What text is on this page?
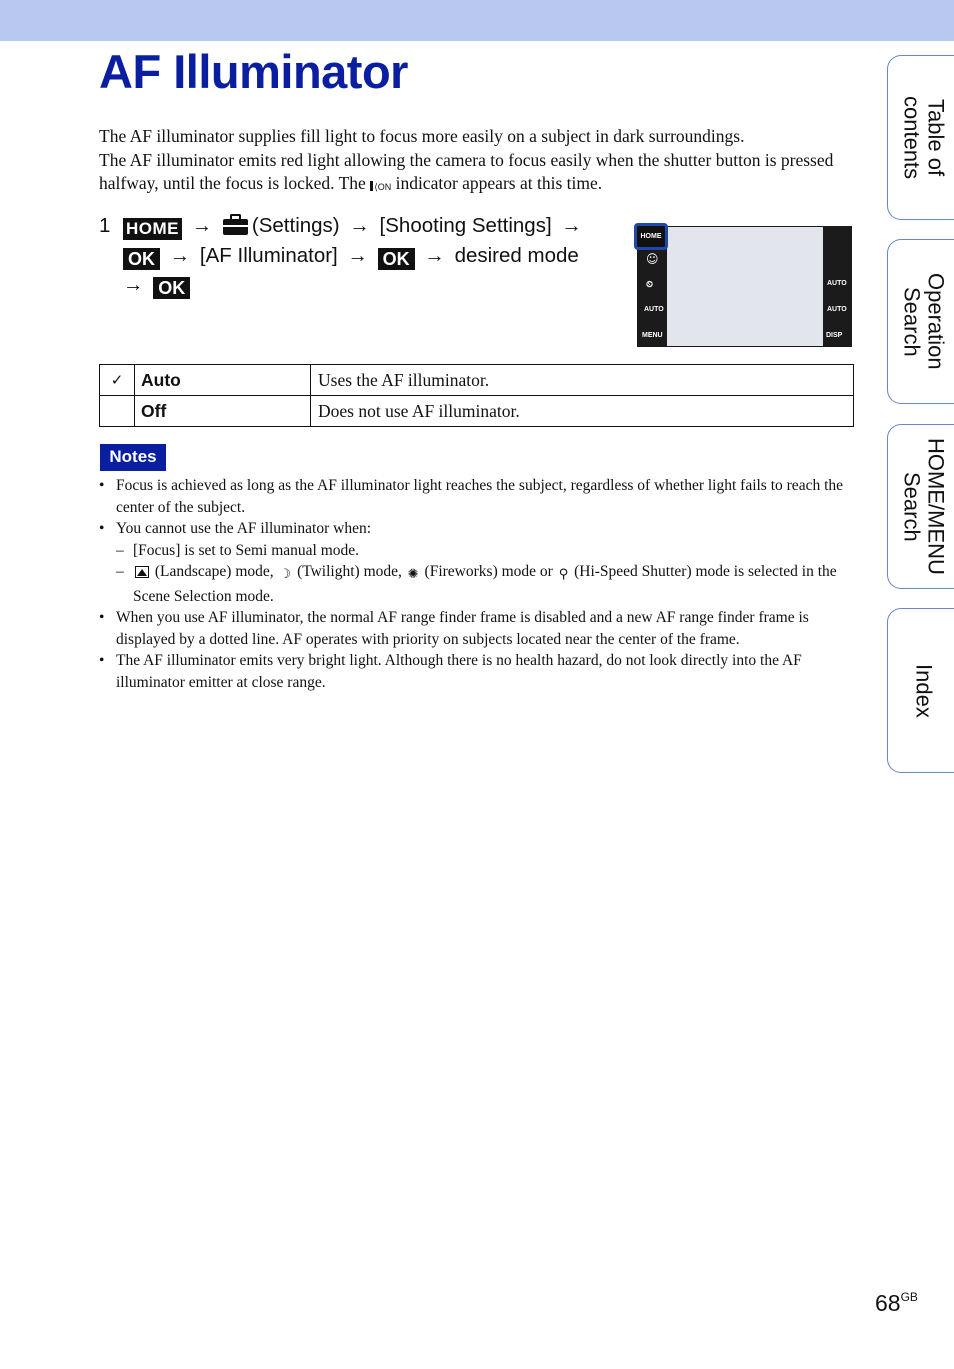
AF Illuminator
The AF illuminator supplies fill light to focus more easily on a subject in dark surroundings.
The AF illuminator emits red light allowing the camera to focus easily when the shutter button is pressed halfway, until the focus is locked. The ⟨ON indicator appears at this time.
1 HOME → (Settings) → [Shooting Settings] →
OK → [AF Illuminator] → OK → desired mode
→ OK
HOME
☺
⏲
AUTO
MENU
AUTO
AUTO
DISP
✓	Auto	Uses the AF illuminator.
	Off	Does not use AF illuminator.
Notes
• Focus is achieved as long as the AF illuminator light reaches the subject, regardless of whether light fails to reach the center of the subject.
• You cannot use the AF illuminator when:
– [Focus] is set to Semi manual mode.
– (Landscape) mode, ☽ (Twilight) mode, ✺ (Fireworks) mode or ⚲ (Hi-Speed Shutter) mode is selected in the Scene Selection mode.
• When you use AF illuminator, the normal AF range finder frame is disabled and a new AF range finder frame is displayed by a dotted line. AF operates with priority on subjects located near the center of the frame.
• The AF illuminator emits very bright light. Although there is no health hazard, do not look directly into the AF illuminator emitter at close range.
Table of
contents
Operation
Search
HOME/MENU
Search
Index
$68^{GB}$
